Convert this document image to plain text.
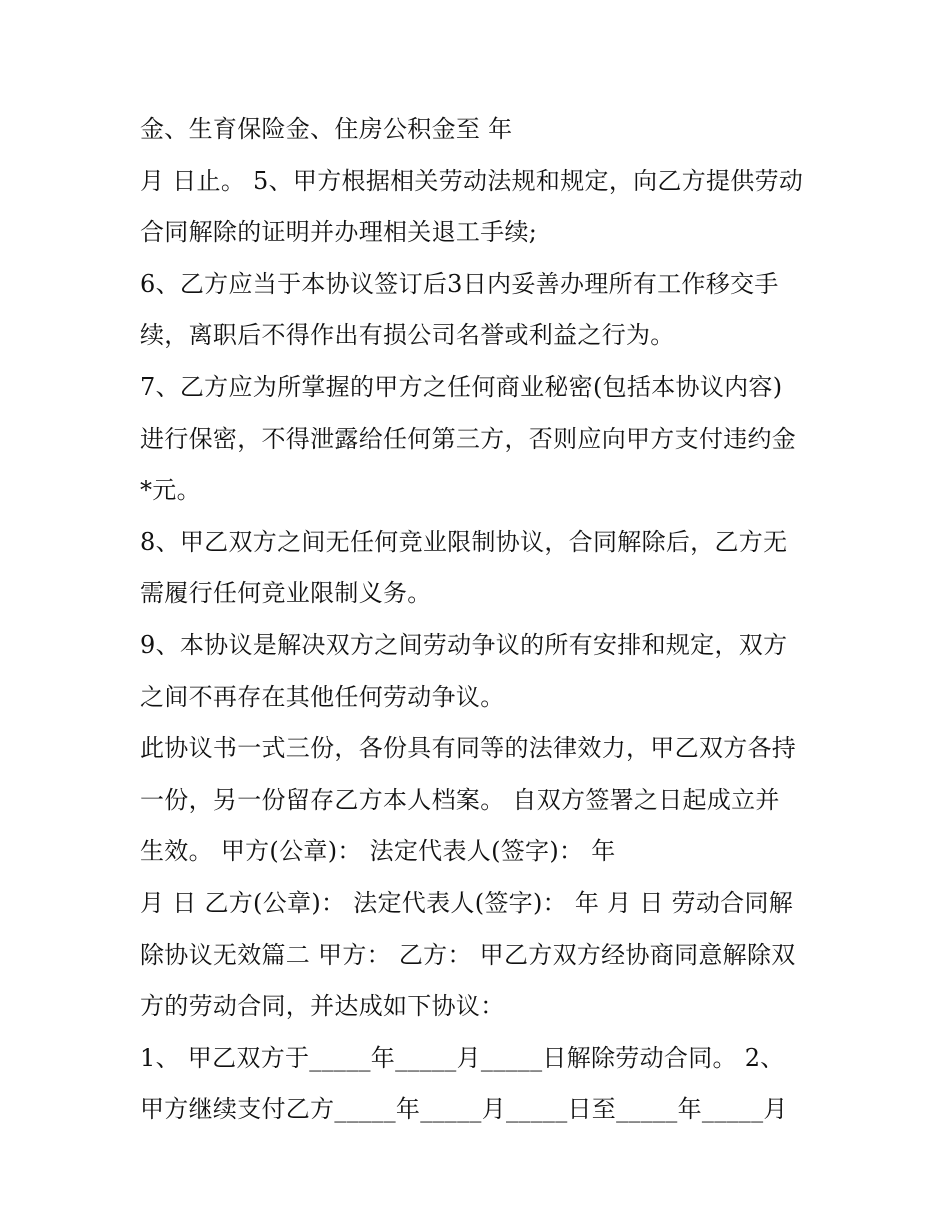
金、生育保险金、住房公积金至 年
月 日止。 5、甲方根据相关劳动法规和规定，向乙方提供劳动
合同解除的证明并办理相关退工手续;
6、乙方应当于本协议签订后3日内妥善办理所有工作移交手
续，离职后不得作出有损公司名誉或利益之行为。
7、乙方应为所掌握的甲方之任何商业秘密(包括本协议内容)
进行保密，不得泄露给任何第三方，否则应向甲方支付违约金
*元。
8、甲乙双方之间无任何竞业限制协议，合同解除后，乙方无
需履行任何竞业限制义务。
9、本协议是解决双方之间劳动争议的所有安排和规定，双方
之间不再存在其他任何劳动争议。
此协议书一式三份，各份具有同等的法律效力，甲乙双方各持
一份，另一份留存乙方本人档案。 自双方签署之日起成立并
生效。 甲方(公章)： 法定代表人(签字)： 年
月 日 乙方(公章)： 法定代表人(签字)： 年 月 日 劳动合同解
除协议无效篇二 甲方： 乙方： 甲乙方双方经协商同意解除双
方的劳动合同，并达成如下协议：
1、 甲乙双方于_____年_____月_____日解除劳动合同。 2、
甲方继续支付乙方_____年_____月_____日至_____年_____月
